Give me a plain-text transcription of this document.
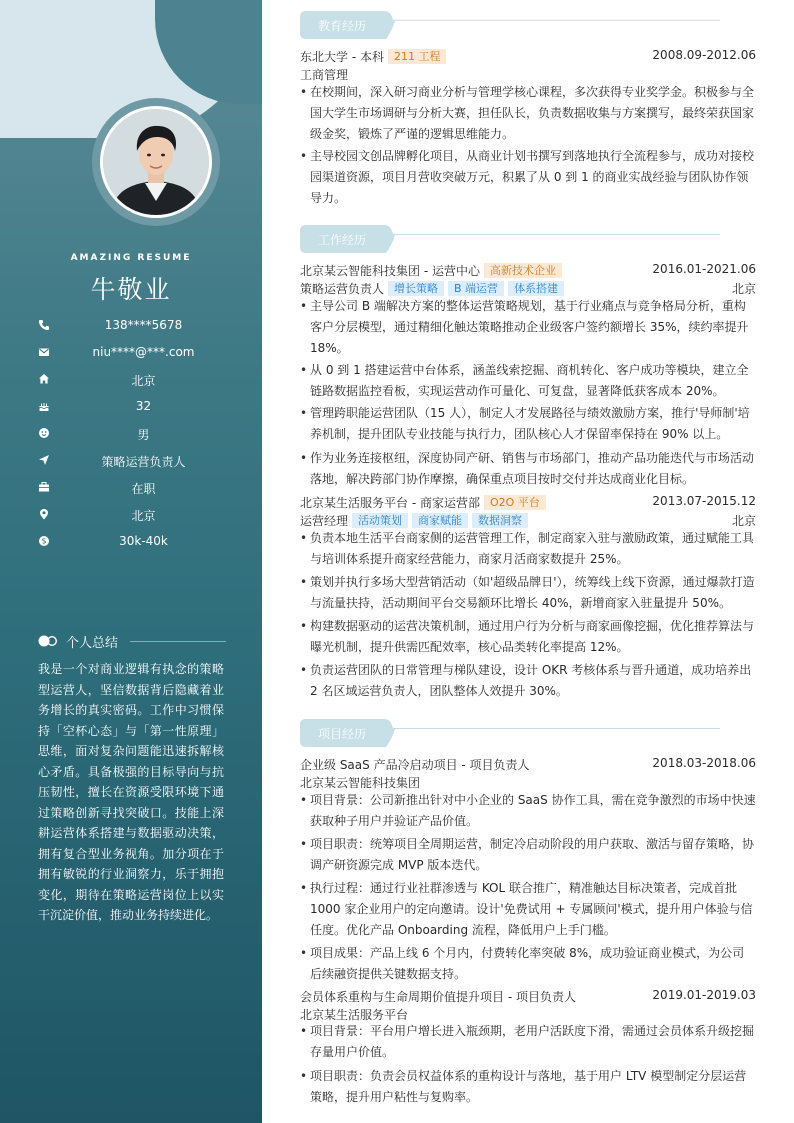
AMAZING RESUME
牛敬业
138****5678
niu****@***.com
北京
32
男
策略运营负责人
在职
北京
$	30k-40k
个人总结
我是一个对商业逻辑有执念的策略型运营人，坚信数据背后隐藏着业务增长的真实密码。工作中习惯保持「空杯心态」与「第一性原理」思维，面对复杂问题能迅速拆解核心矛盾。具备极强的目标导向与抗压韧性，擅长在资源受限环境下通过策略创新寻找突破口。技能上深耕运营体系搭建与数据驱动决策，拥有复合型业务视角。加分项在于拥有敏锐的行业洞察力，乐于拥抱变化，期待在策略运营岗位上以实干沉淀价值，推动业务持续进化。
教育经历
东北大学 - 本科 211 工程	2008.09-2012.06
工商管理
• 在校期间，深入研习商业分析与管理学核心课程，多次获得专业奖学金。积极参与全国大学生市场调研与分析大赛，担任队长，负责数据收集与方案撰写，最终荣获国家级金奖，锻炼了严谨的逻辑思维能力。
• 主导校园文创品牌孵化项目，从商业计划书撰写到落地执行全流程参与，成功对接校园渠道资源，项目月营收突破万元，积累了从 0 到 1 的商业实战经验与团队协作领导力。
工作经历
北京某云智能科技集团 - 运营中心 高新技术企业	2016.01-2021.06
策略运营负责人 增长策略 B 端运营 体系搭建	北京
• 主导公司 B 端解决方案的整体运营策略规划，基于行业痛点与竞争格局分析，重构客户分层模型，通过精细化触达策略推动企业级客户签约额增长 35%，续约率提升 18%。
• 从 0 到 1 搭建运营中台体系，涵盖线索挖掘、商机转化、客户成功等模块，建立全链路数据监控看板，实现运营动作可量化、可复盘，显著降低获客成本 20%。
• 管理跨职能运营团队（15 人），制定人才发展路径与绩效激励方案，推行'导师制'培养机制，提升团队专业技能与执行力，团队核心人才保留率保持在 90% 以上。
• 作为业务连接枢纽，深度协同产研、销售与市场部门，推动产品功能迭代与市场活动落地，解决跨部门协作摩擦，确保重点项目按时交付并达成商业化目标。
北京某生活服务平台 - 商家运营部 O2O 平台	2013.07-2015.12
运营经理 活动策划 商家赋能 数据洞察	北京
• 负责本地生活平台商家侧的运营管理工作，制定商家入驻与激励政策，通过赋能工具与培训体系提升商家经营能力，商家月活商家数提升 25%。
• 策划并执行多场大型营销活动（如'超级品牌日'），统筹线上线下资源，通过爆款打造与流量扶持，活动期间平台交易额环比增长 40%，新增商家入驻量提升 50%。
• 构建数据驱动的运营决策机制，通过用户行为分析与商家画像挖掘，优化推荐算法与曝光机制，提升供需匹配效率，核心品类转化率提高 12%。
• 负责运营团队的日常管理与梯队建设，设计 OKR 考核体系与晋升通道，成功培养出 2 名区域运营负责人，团队整体人效提升 30%。
项目经历
企业级 SaaS 产品冷启动项目 - 项目负责人	2018.03-2018.06
北京某云智能科技集团
• 项目背景：公司新推出针对中小企业的 SaaS 协作工具，需在竞争激烈的市场中快速获取种子用户并验证产品价值。
• 项目职责：统筹项目全周期运营，制定冷启动阶段的用户获取、激活与留存策略，协调产研资源完成 MVP 版本迭代。
• 执行过程：通过行业社群渗透与 KOL 联合推广，精准触达目标决策者，完成首批 1000 家企业用户的定向邀请。设计'免费试用 + 专属顾问'模式，提升用户体验与信任度。优化产品 Onboarding 流程，降低用户上手门槛。
• 项目成果：产品上线 6 个月内，付费转化率突破 8%，成功验证商业模式，为公司后续融资提供关键数据支持。
会员体系重构与生命周期价值提升项目 - 项目负责人	2019.01-2019.03
北京某生活服务平台
• 项目背景：平台用户增长进入瓶颈期，老用户活跃度下滑，需通过会员体系升级挖掘存量用户价值。
• 项目职责：负责会员权益体系的重构设计与落地，基于用户 LTV 模型制定分层运营策略，提升用户粘性与复购率。
